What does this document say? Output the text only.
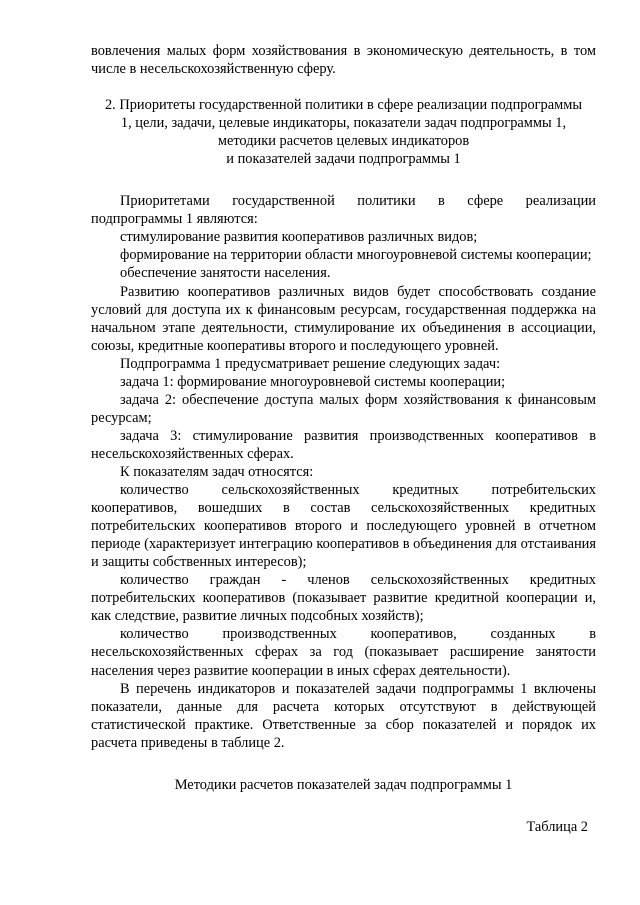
вовлечения малых форм хозяйствования в экономическую деятельность, в том числе в несельскохозяйственную сферу.

2. Приоритеты государственной политики в сфере реализации подпрограммы
1, цели, задачи, целевые индикаторы, показатели задач подпрограммы 1,
методики расчетов целевых индикаторов
и показателей задачи подпрограммы 1

Приоритетами государственной политики в сфере реализации подпрограммы 1 являются:

стимулирование развития кооперативов различных видов;

формирование на территории области многоуровневой системы кооперации;

обеспечение занятости населения.

Развитию кооперативов различных видов будет способствовать создание условий для доступа их к финансовым ресурсам, государственная поддержка на начальном этапе деятельности, стимулирование их объединения в ассоциации, союзы, кредитные кооперативы второго и последующего уровней.

Подпрограмма 1 предусматривает решение следующих задач:

задача 1: формирование многоуровневой системы кооперации;

задача 2: обеспечение доступа малых форм хозяйствования к финансовым ресурсам;

задача 3: стимулирование развития производственных кооперативов в несельскохозяйственных сферах.

К показателям задач относятся:

количество сельскохозяйственных кредитных потребительских кооперативов, вошедших в состав сельскохозяйственных кредитных потребительских кооперативов второго и последующего уровней в отчетном периоде (характеризует интеграцию кооперативов в объединения для отстаивания и защиты собственных интересов);

количество граждан - членов сельскохозяйственных кредитных потребительских кооперативов (показывает развитие кредитной кооперации и, как следствие, развитие личных подсобных хозяйств);

количество производственных кооперативов, созданных в несельскохозяйственных сферах за год (показывает расширение занятости населения через развитие кооперации в иных сферах деятельности).

В перечень индикаторов и показателей задачи подпрограммы 1 включены показатели, данные для расчета которых отсутствуют в действующей статистической практике. Ответственные за сбор показателей и порядок их расчета приведены в таблице 2.

Методики расчетов показателей задач подпрограммы 1

Таблица 2
